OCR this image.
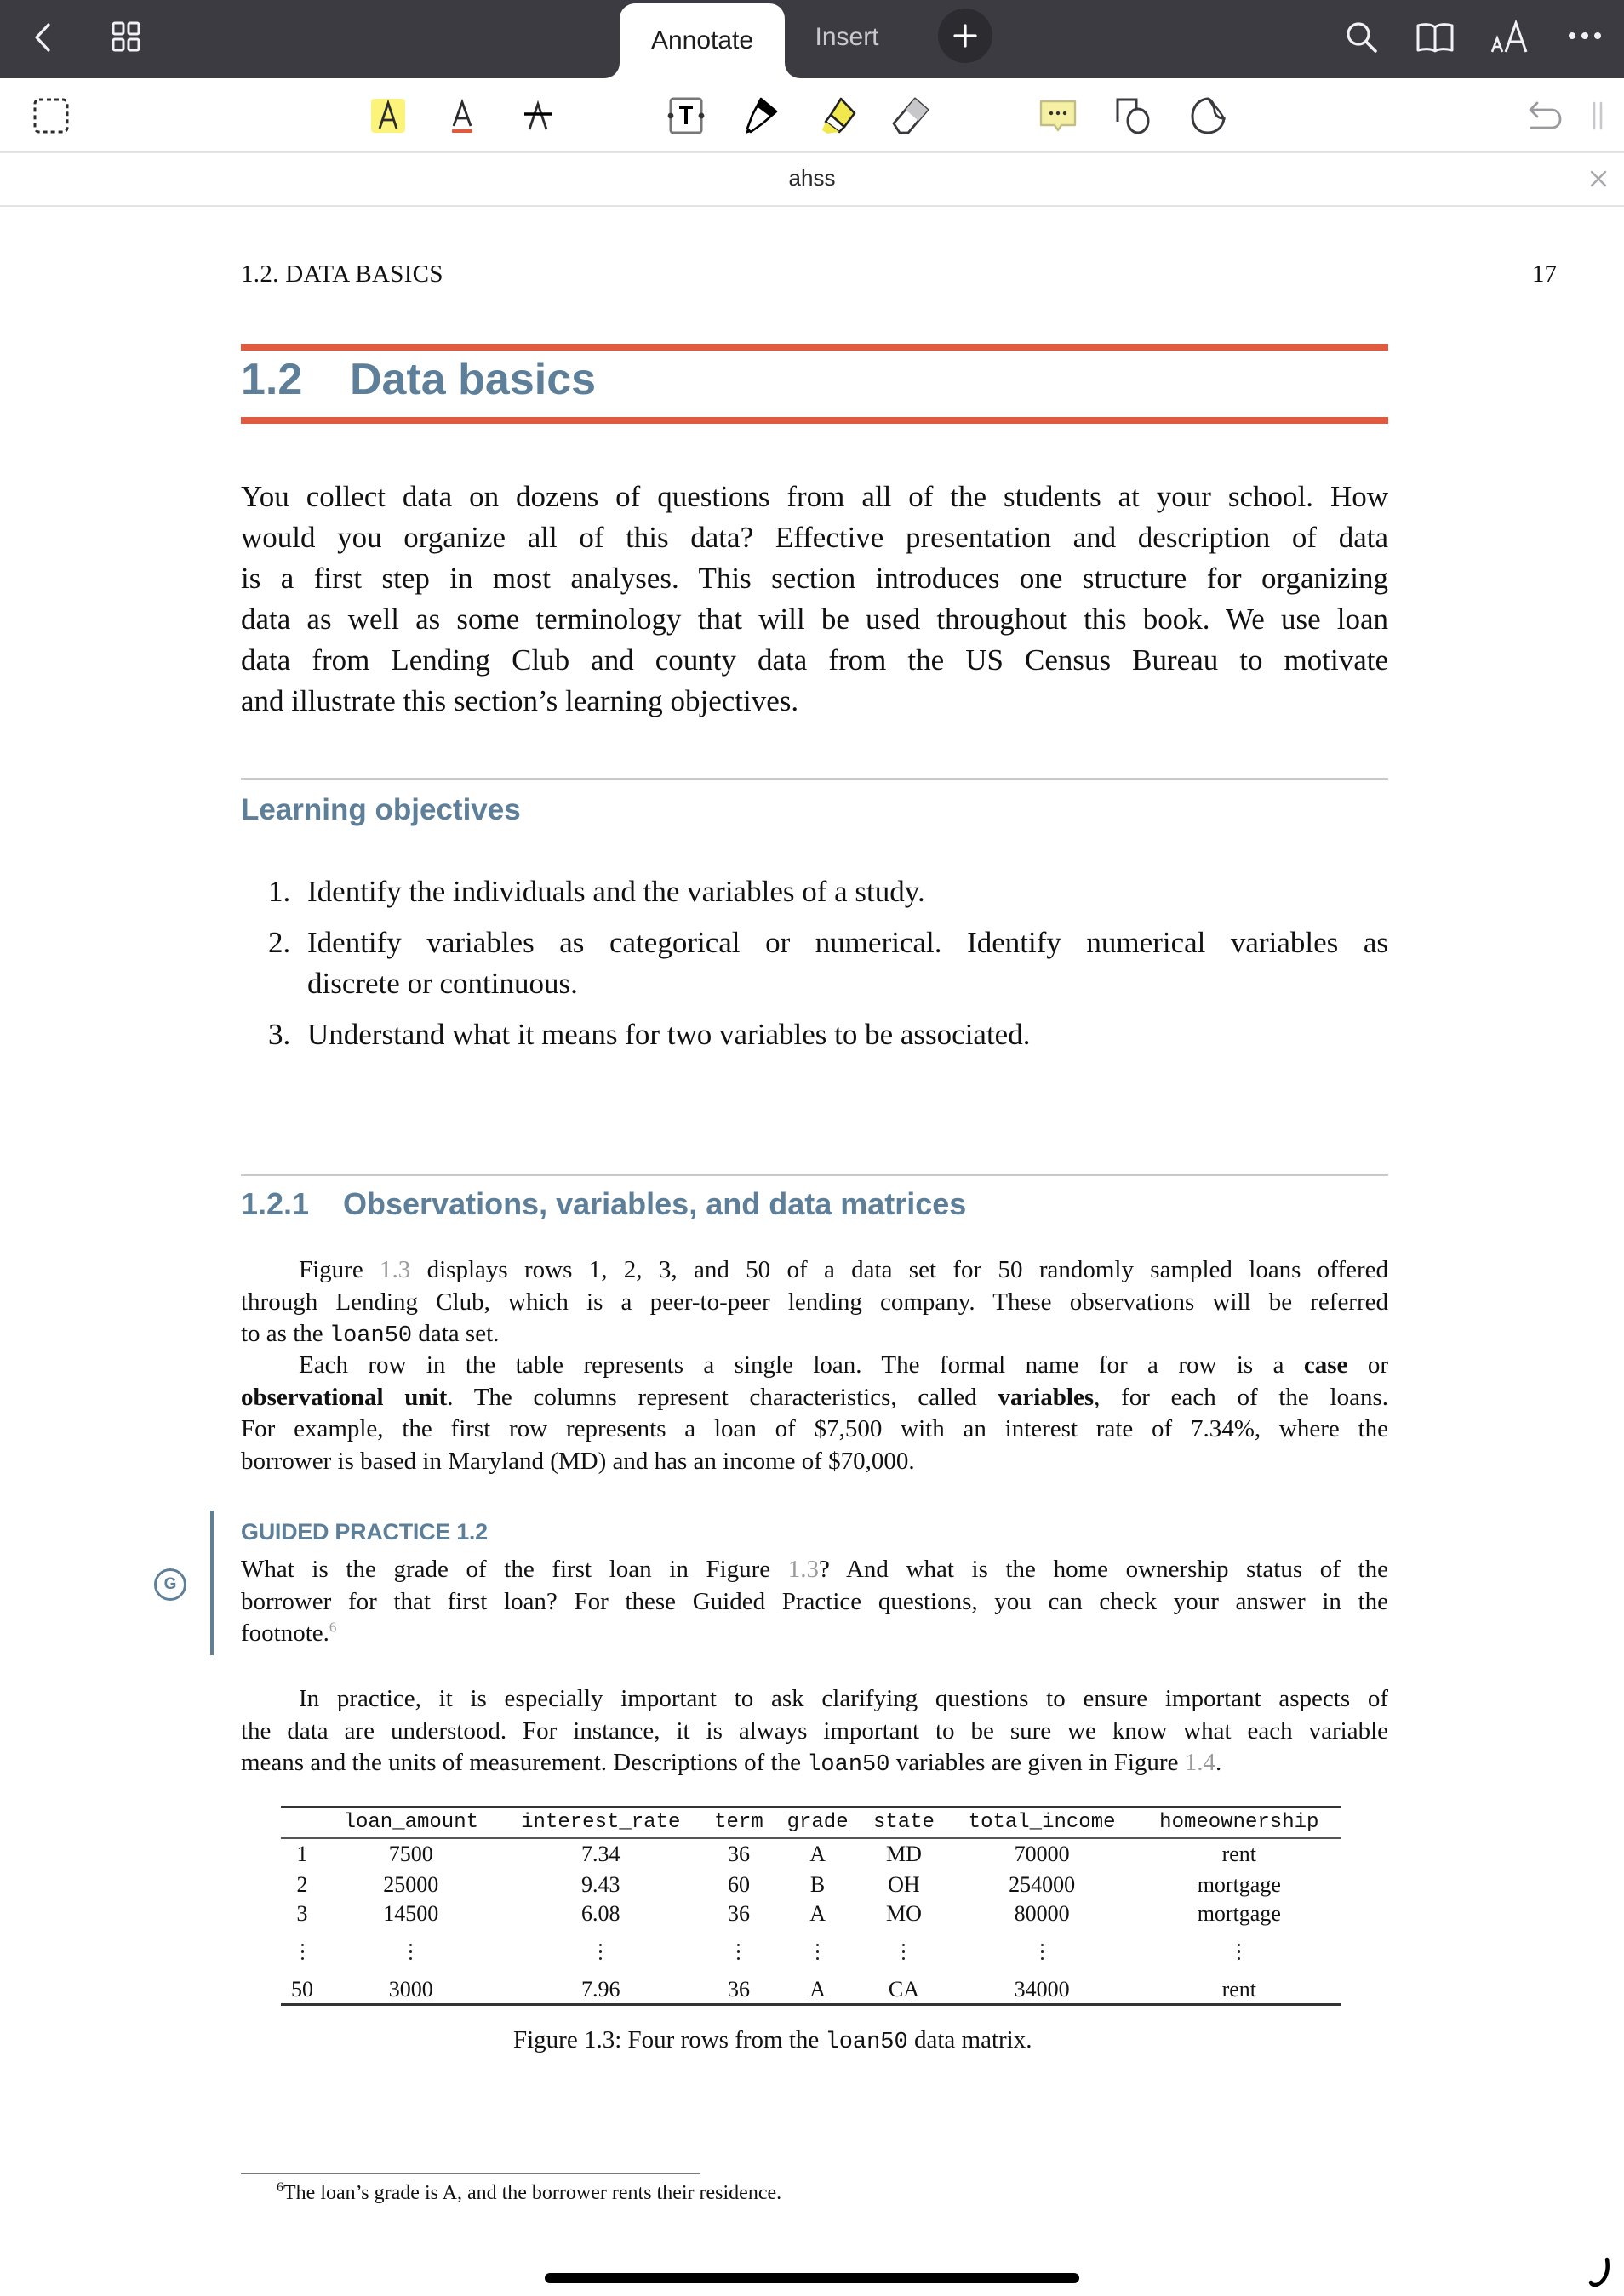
Annotate Insert
ahss
1.2. DATA BASICS	17
1.2 Data basics
You collect data on dozens of questions from all of the students at your school. How
would you organize all of this data? Effective presentation and description of data
is a first step in most analyses. This section introduces one structure for organizing
data as well as some terminology that will be used throughout this book. We use loan
data from Lending Club and county data from the US Census Bureau to motivate
and illustrate this section’s learning objectives.
Learning objectives
1. Identify the individuals and the variables of a study.
2. Identify variables as categorical or numerical. Identify numerical variables as
discrete or continuous.
3. Understand what it means for two variables to be associated.
1.2.1 Observations, variables, and data matrices
Figure 1.3 displays rows 1, 2, 3, and 50 of a data set for 50 randomly sampled loans offered
through Lending Club, which is a peer-to-peer lending company. These observations will be referred
to as the loan50 data set.
Each row in the table represents a single loan. The formal name for a row is a case or
observational unit. The columns represent characteristics, called variables, for each of the loans.
For example, the first row represents a loan of $7,500 with an interest rate of 7.34%, where the
borrower is based in Maryland (MD) and has an income of $70,000.
G
GUIDED PRACTICE 1.2
What is the grade of the first loan in Figure 1.3? And what is the home ownership status of the
borrower for that first loan? For these Guided Practice questions, you can check your answer in the
footnote.$^6$
In practice, it is especially important to ask clarifying questions to ensure important aspects of
the data are understood. For instance, it is always important to be sure we know what each variable
means and the units of measurement. Descriptions of the loan50 variables are given in Figure 1.4.
	loan_amount	interest_rate	term	grade	state	total_income	homeownership
1	7500	7.34	36	A	MD	70000	rent
2	25000	9.43	60	B	OH	254000	mortgage
3	14500	6.08	36	A	MO	80000	mortgage

50	3000	7.96	36	A	CA	34000	rent
Figure 1.3: Four rows from the loan50 data matrix.
$^6$The loan’s grade is A, and the borrower rents their residence.
